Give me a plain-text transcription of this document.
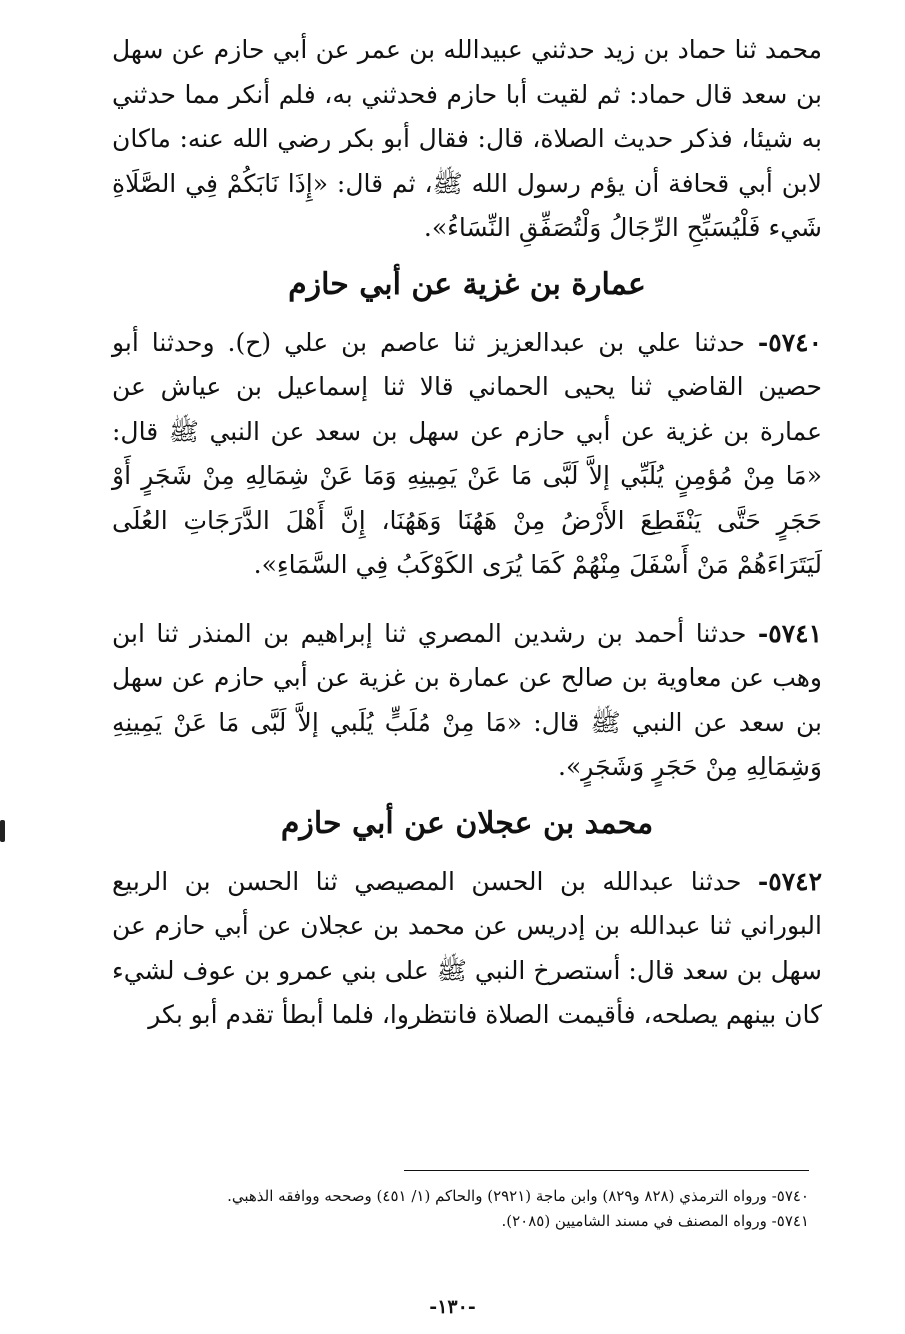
محمد ثنا حماد بن زيد حدثني عبيدالله بن عمر عن أبي حازم عن سهل بن سعد قال حماد: ثم لقيت أبا حازم فحدثني به، فلم أنكر مما حدثني به شيئا، فذكر حديث الصلاة، قال: فقال أبو بكر رضي الله عنه: ماكان لابن أبي قحافة أن يؤم رسول الله ﷺ، ثم قال: «إِذَا نَابَكُمْ فِي الصَّلَاةِ شَيء فَلْيُسَبِّحِ الرِّجَالُ وَلْتُصَفِّقِ النِّسَاءُ».

عمارة بن غزية عن أبي حازم

٥٧٤٠- حدثنا علي بن عبدالعزيز ثنا عاصم بن علي (ح). وحدثنا أبو حصين القاضي ثنا يحيى الحماني قالا ثنا إسماعيل بن عياش عن عمارة بن غزية عن أبي حازم عن سهل بن سعد عن النبي ﷺ قال: «مَا مِنْ مُؤمِنٍ يُلَبِّي إلاَّ لَبَّى مَا عَنْ يَمِينِهِ وَمَا عَنْ شِمَالِهِ مِنْ شَجَرٍ أَوْ حَجَرٍ حَتَّى يَنْقَطِعَ الأَرْضُ مِنْ هَهُنَا وَهَهُنَا، إِنَّ أَهْلَ الدَّرَجَاتِ العُلَى لَيَتَرَاءَهُمْ مَنْ أَسْفَلَ مِنْهُمْ كَمَا يُرَى الكَوْكَبُ فِي السَّمَاءِ».

٥٧٤١- حدثنا أحمد بن رشدين المصري ثنا إبراهيم بن المنذر ثنا ابن وهب عن معاوية بن صالح عن عمارة بن غزية عن أبي حازم عن سهل بن سعد عن النبي ﷺ قال: «مَا مِنْ مُلَبٍّ يُلَبي إلاَّ لَبَّى مَا عَنْ يَمِينِهِ وَشِمَالِهِ مِنْ حَجَرٍ وَشَجَرٍ».

محمد بن عجلان عن أبي حازم

٥٧٤٢- حدثنا عبدالله بن الحسن المصيصي ثنا الحسن بن الربيع البوراني ثنا عبدالله بن إدريس عن محمد بن عجلان عن أبي حازم عن سهل بن سعد قال: أستصرخ النبي ﷺ على بني عمرو بن عوف لشيء كان بينهم يصلحه، فأقيمت الصلاة فانتظروا، فلما أبطأ تقدم أبو بكر

٥٧٤٠- ورواه الترمذي (٨٢٨ و٨٢٩) وابن ماجة (٢٩٢١) والحاكم (١/ ٤٥١) وصححه ووافقه الذهبي.

٥٧٤١- ورواه المصنف في مسند الشاميين (٢٠٨٥).

-١٣٠-
